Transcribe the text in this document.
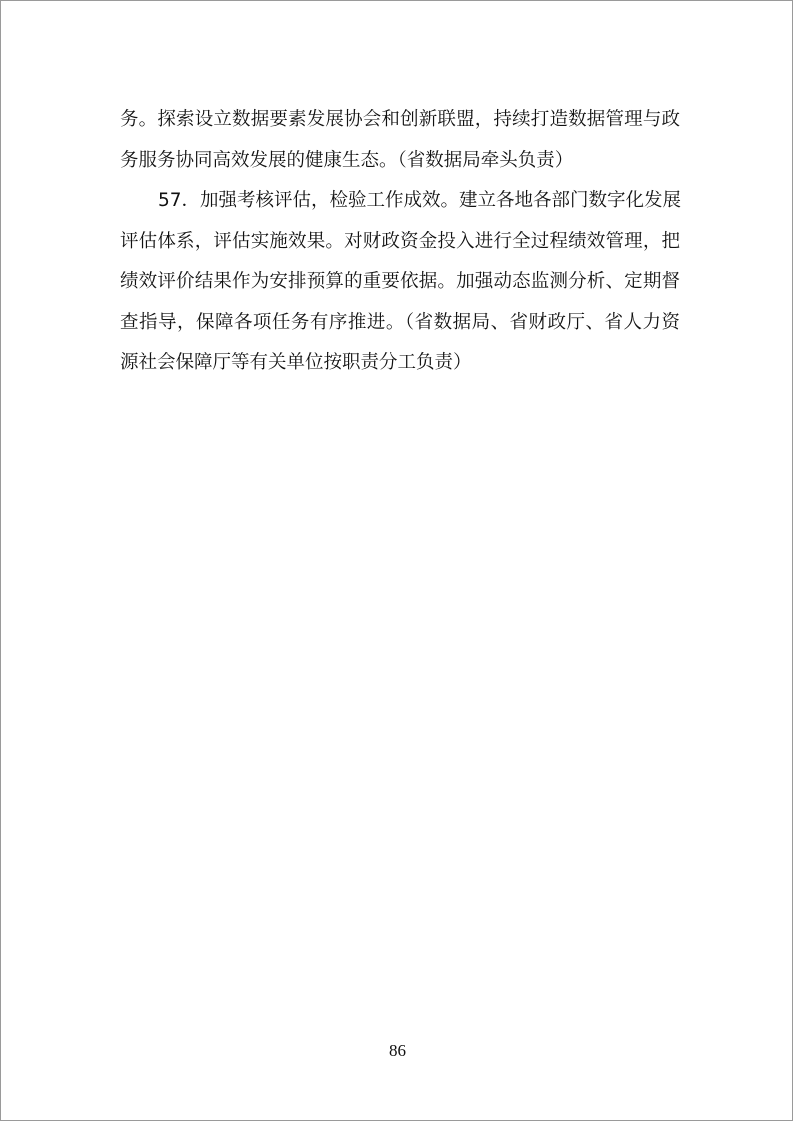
务。探索设立数据要素发展协会和创新联盟，持续打造数据管理与政
务服务协同高效发展的健康生态。（省数据局牵头负责）
57．加强考核评估，检验工作成效。建立各地各部门数字化发展
评估体系，评估实施效果。对财政资金投入进行全过程绩效管理，把
绩效评价结果作为安排预算的重要依据。加强动态监测分析、定期督
查指导，保障各项任务有序推进。（省数据局、省财政厅、省人力资
源社会保障厅等有关单位按职责分工负责）
86
